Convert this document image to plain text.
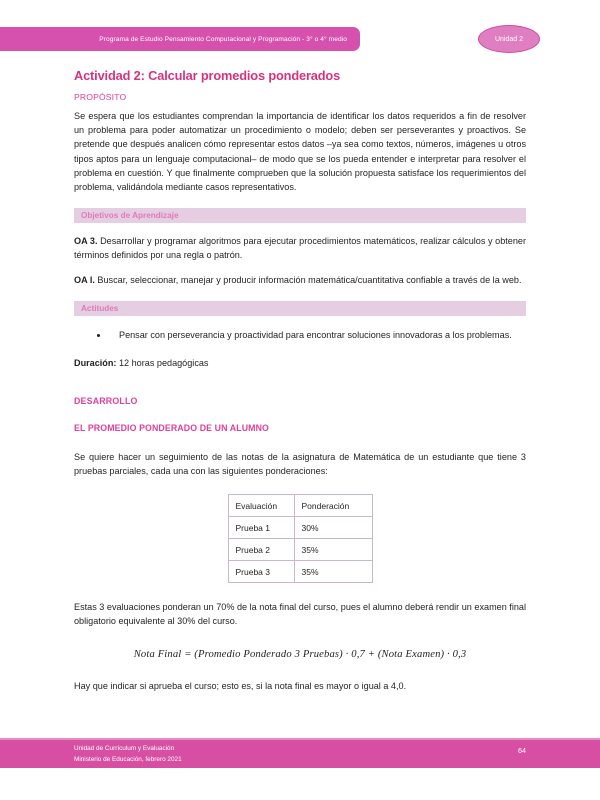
Programa de Estudio Pensamiento Computacional y Programación - 3° o 4° medio	Unidad 2
Actividad 2: Calcular promedios ponderados
PROPÓSITO

Se espera que los estudiantes comprendan la importancia de identificar los datos requeridos a fin de resolver un problema para poder automatizar un procedimiento o modelo; deben ser perseverantes y proactivos. Se pretende que después analicen cómo representar estos datos –ya sea como textos, números, imágenes u otros tipos aptos para un lenguaje computacional– de modo que se los pueda entender e interpretar para resolver el problema en cuestión. Y que finalmente comprueben que la solución propuesta satisface los requerimientos del problema, validándola mediante casos representativos.

Objetivos de Aprendizaje

OA 3. Desarrollar y programar algoritmos para ejecutar procedimientos matemáticos, realizar cálculos y obtener términos definidos por una regla o patrón.

OA l. Buscar, seleccionar, manejar y producir información matemática/cuantitativa confiable a través de la web.

Actitudes
Pensar con perseverancia y proactividad para encontrar soluciones innovadoras a los problemas.

Duración: 12 horas pedagógicas

DESARROLLO
EL PROMEDIO PONDERADO DE UN ALUMNO

Se quiere hacer un seguimiento de las notas de la asignatura de Matemática de un estudiante que tiene 3 pruebas parciales, cada una con las siguientes ponderaciones:

Evaluación	Ponderación
Prueba 1	30%
Prueba 2	35%
Prueba 3	35%

Estas 3 evaluaciones ponderan un 70% de la nota final del curso, pues el alumno deberá rendir un examen final obligatorio equivalente al 30% del curso.

Nota Final = (Promedio Ponderado 3 Pruebas) · 0,7 + (Nota Examen) · 0,3

Hay que indicar si aprueba el curso; esto es, si la nota final es mayor o igual a 4,0.

Unidad de Currículum y Evaluación
Ministerio de Educación, febrero 2021
64
